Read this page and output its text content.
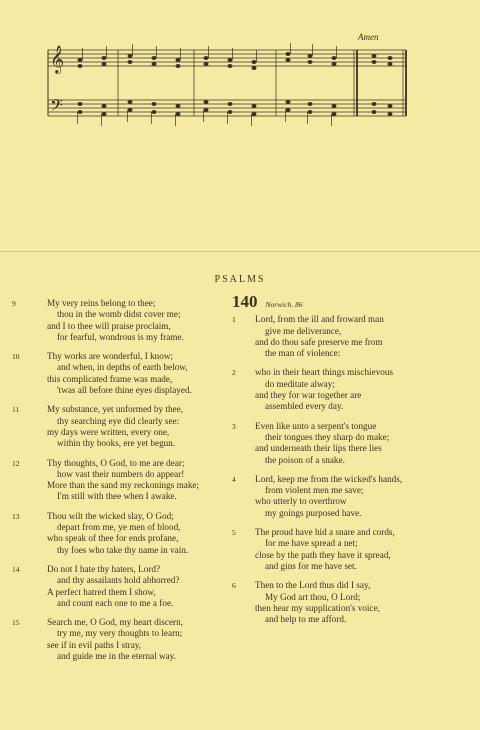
Amen
𝄞
𝄢
PSALMS
9	My very reins belong to thee;
thou in the womb didst cover me;
and I to thee will praise proclaim,
for fearful, wondrous is my frame.
10	Thy works are wonderful, I know;
and when, in depths of earth below,
this complicated frame was made,
'twas all before thine eyes displayed.
11	My substance, yet unformed by thee,
thy searching eye did clearly see:
my days were written, every one,
within thy books, ere yet begun.
12	Thy thoughts, O God, to me are dear;
how vast their numbers do appear!
More than the sand my reckonings make;
I'm still with thee when I awake.
13	Thou wilt the wicked slay, O God;
depart from me, ye men of blood,
who speak of thee for ends profane,
thy foes who take thy name in vain.
14	Do not I hate thy haters, Lord?
and thy assailants hold abhorred?
A perfect hatred them I show,
and count each one to me a foe.
15	Search me, O God, my heart discern,
try me, my very thoughts to learn;
see if in evil paths I stray,
and guide me in the eternal way.
140 Norwich. 86
1 Lord, from the ill and froward man
give me deliverance,
and do thou safe preserve me from
the man of violence:
2 who in their heart things mischievous
do meditate alway;
and they for war together are
assembled every day.
3 Even like unto a serpent's tongue
their tongues they sharp do make;
and underneath their lips there lies
the poison of a snake.
4 Lord, keep me from the wicked's hands,
from violent men me save;
who utterly to overthrow
my goings purposed have.
5 The proud have hid a snare and cords,
for me have spread a net;
close by the path they have it spread,
and gins for me have set.
6 Then to the Lord thus did I say,
My God art thou, O Lord;
then hear my supplication's voice,
and help to me afford.
